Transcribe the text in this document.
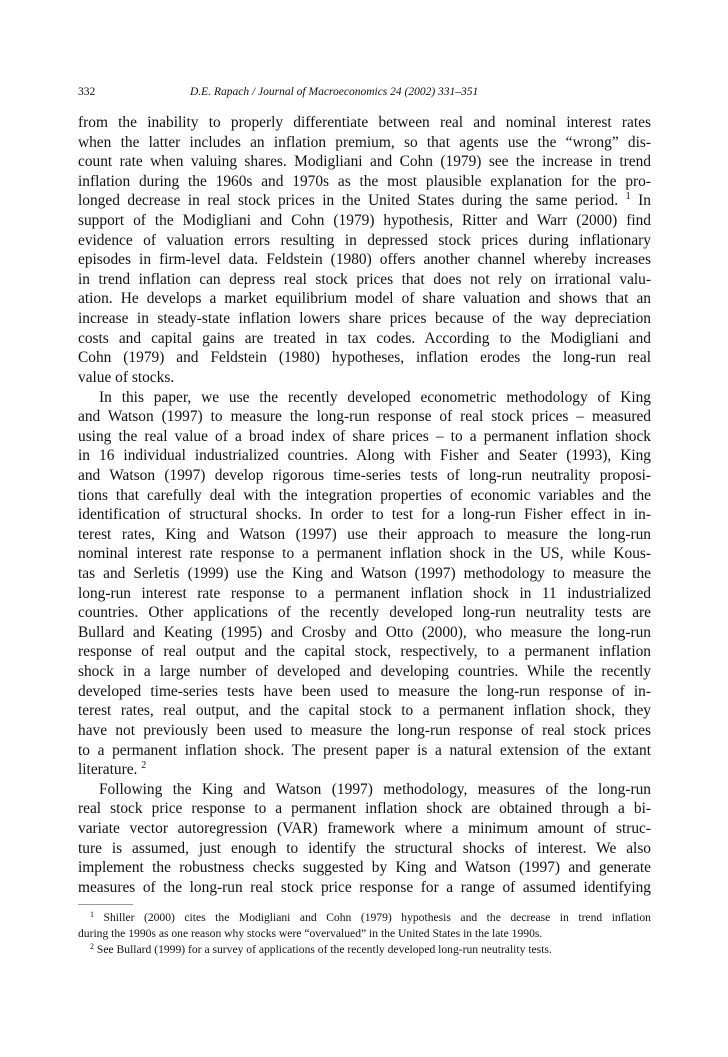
332	D.E. Rapach / Journal of Macroeconomics 24 (2002) 331–351
from the inability to properly differentiate between real and nominal interest rates
when the latter includes an inflation premium, so that agents use the “wrong” dis-
count rate when valuing shares. Modigliani and Cohn (1979) see the increase in trend
inflation during the 1960s and 1970s as the most plausible explanation for the pro-
longed decrease in real stock prices in the United States during the same period. $^1$ In
support of the Modigliani and Cohn (1979) hypothesis, Ritter and Warr (2000) find
evidence of valuation errors resulting in depressed stock prices during inflationary
episodes in firm-level data. Feldstein (1980) offers another channel whereby increases
in trend inflation can depress real stock prices that does not rely on irrational valu-
ation. He develops a market equilibrium model of share valuation and shows that an
increase in steady-state inflation lowers share prices because of the way depreciation
costs and capital gains are treated in tax codes. According to the Modigliani and
Cohn (1979) and Feldstein (1980) hypotheses, inflation erodes the long-run real
value of stocks.
In this paper, we use the recently developed econometric methodology of King
and Watson (1997) to measure the long-run response of real stock prices – measured
using the real value of a broad index of share prices – to a permanent inflation shock
in 16 individual industrialized countries. Along with Fisher and Seater (1993), King
and Watson (1997) develop rigorous time-series tests of long-run neutrality proposi-
tions that carefully deal with the integration properties of economic variables and the
identification of structural shocks. In order to test for a long-run Fisher effect in in-
terest rates, King and Watson (1997) use their approach to measure the long-run
nominal interest rate response to a permanent inflation shock in the US, while Kous-
tas and Serletis (1999) use the King and Watson (1997) methodology to measure the
long-run interest rate response to a permanent inflation shock in 11 industrialized
countries. Other applications of the recently developed long-run neutrality tests are
Bullard and Keating (1995) and Crosby and Otto (2000), who measure the long-run
response of real output and the capital stock, respectively, to a permanent inflation
shock in a large number of developed and developing countries. While the recently
developed time-series tests have been used to measure the long-run response of in-
terest rates, real output, and the capital stock to a permanent inflation shock, they
have not previously been used to measure the long-run response of real stock prices
to a permanent inflation shock. The present paper is a natural extension of the extant
literature. $^2$
Following the King and Watson (1997) methodology, measures of the long-run
real stock price response to a permanent inflation shock are obtained through a bi-
variate vector autoregression (VAR) framework where a minimum amount of struc-
ture is assumed, just enough to identify the structural shocks of interest. We also
implement the robustness checks suggested by King and Watson (1997) and generate
measures of the long-run real stock price response for a range of assumed identifying
$^1$ Shiller (2000) cites the Modigliani and Cohn (1979) hypothesis and the decrease in trend inflation
during the 1990s as one reason why stocks were “overvalued” in the United States in the late 1990s.
$^2$ See Bullard (1999) for a survey of applications of the recently developed long-run neutrality tests.
